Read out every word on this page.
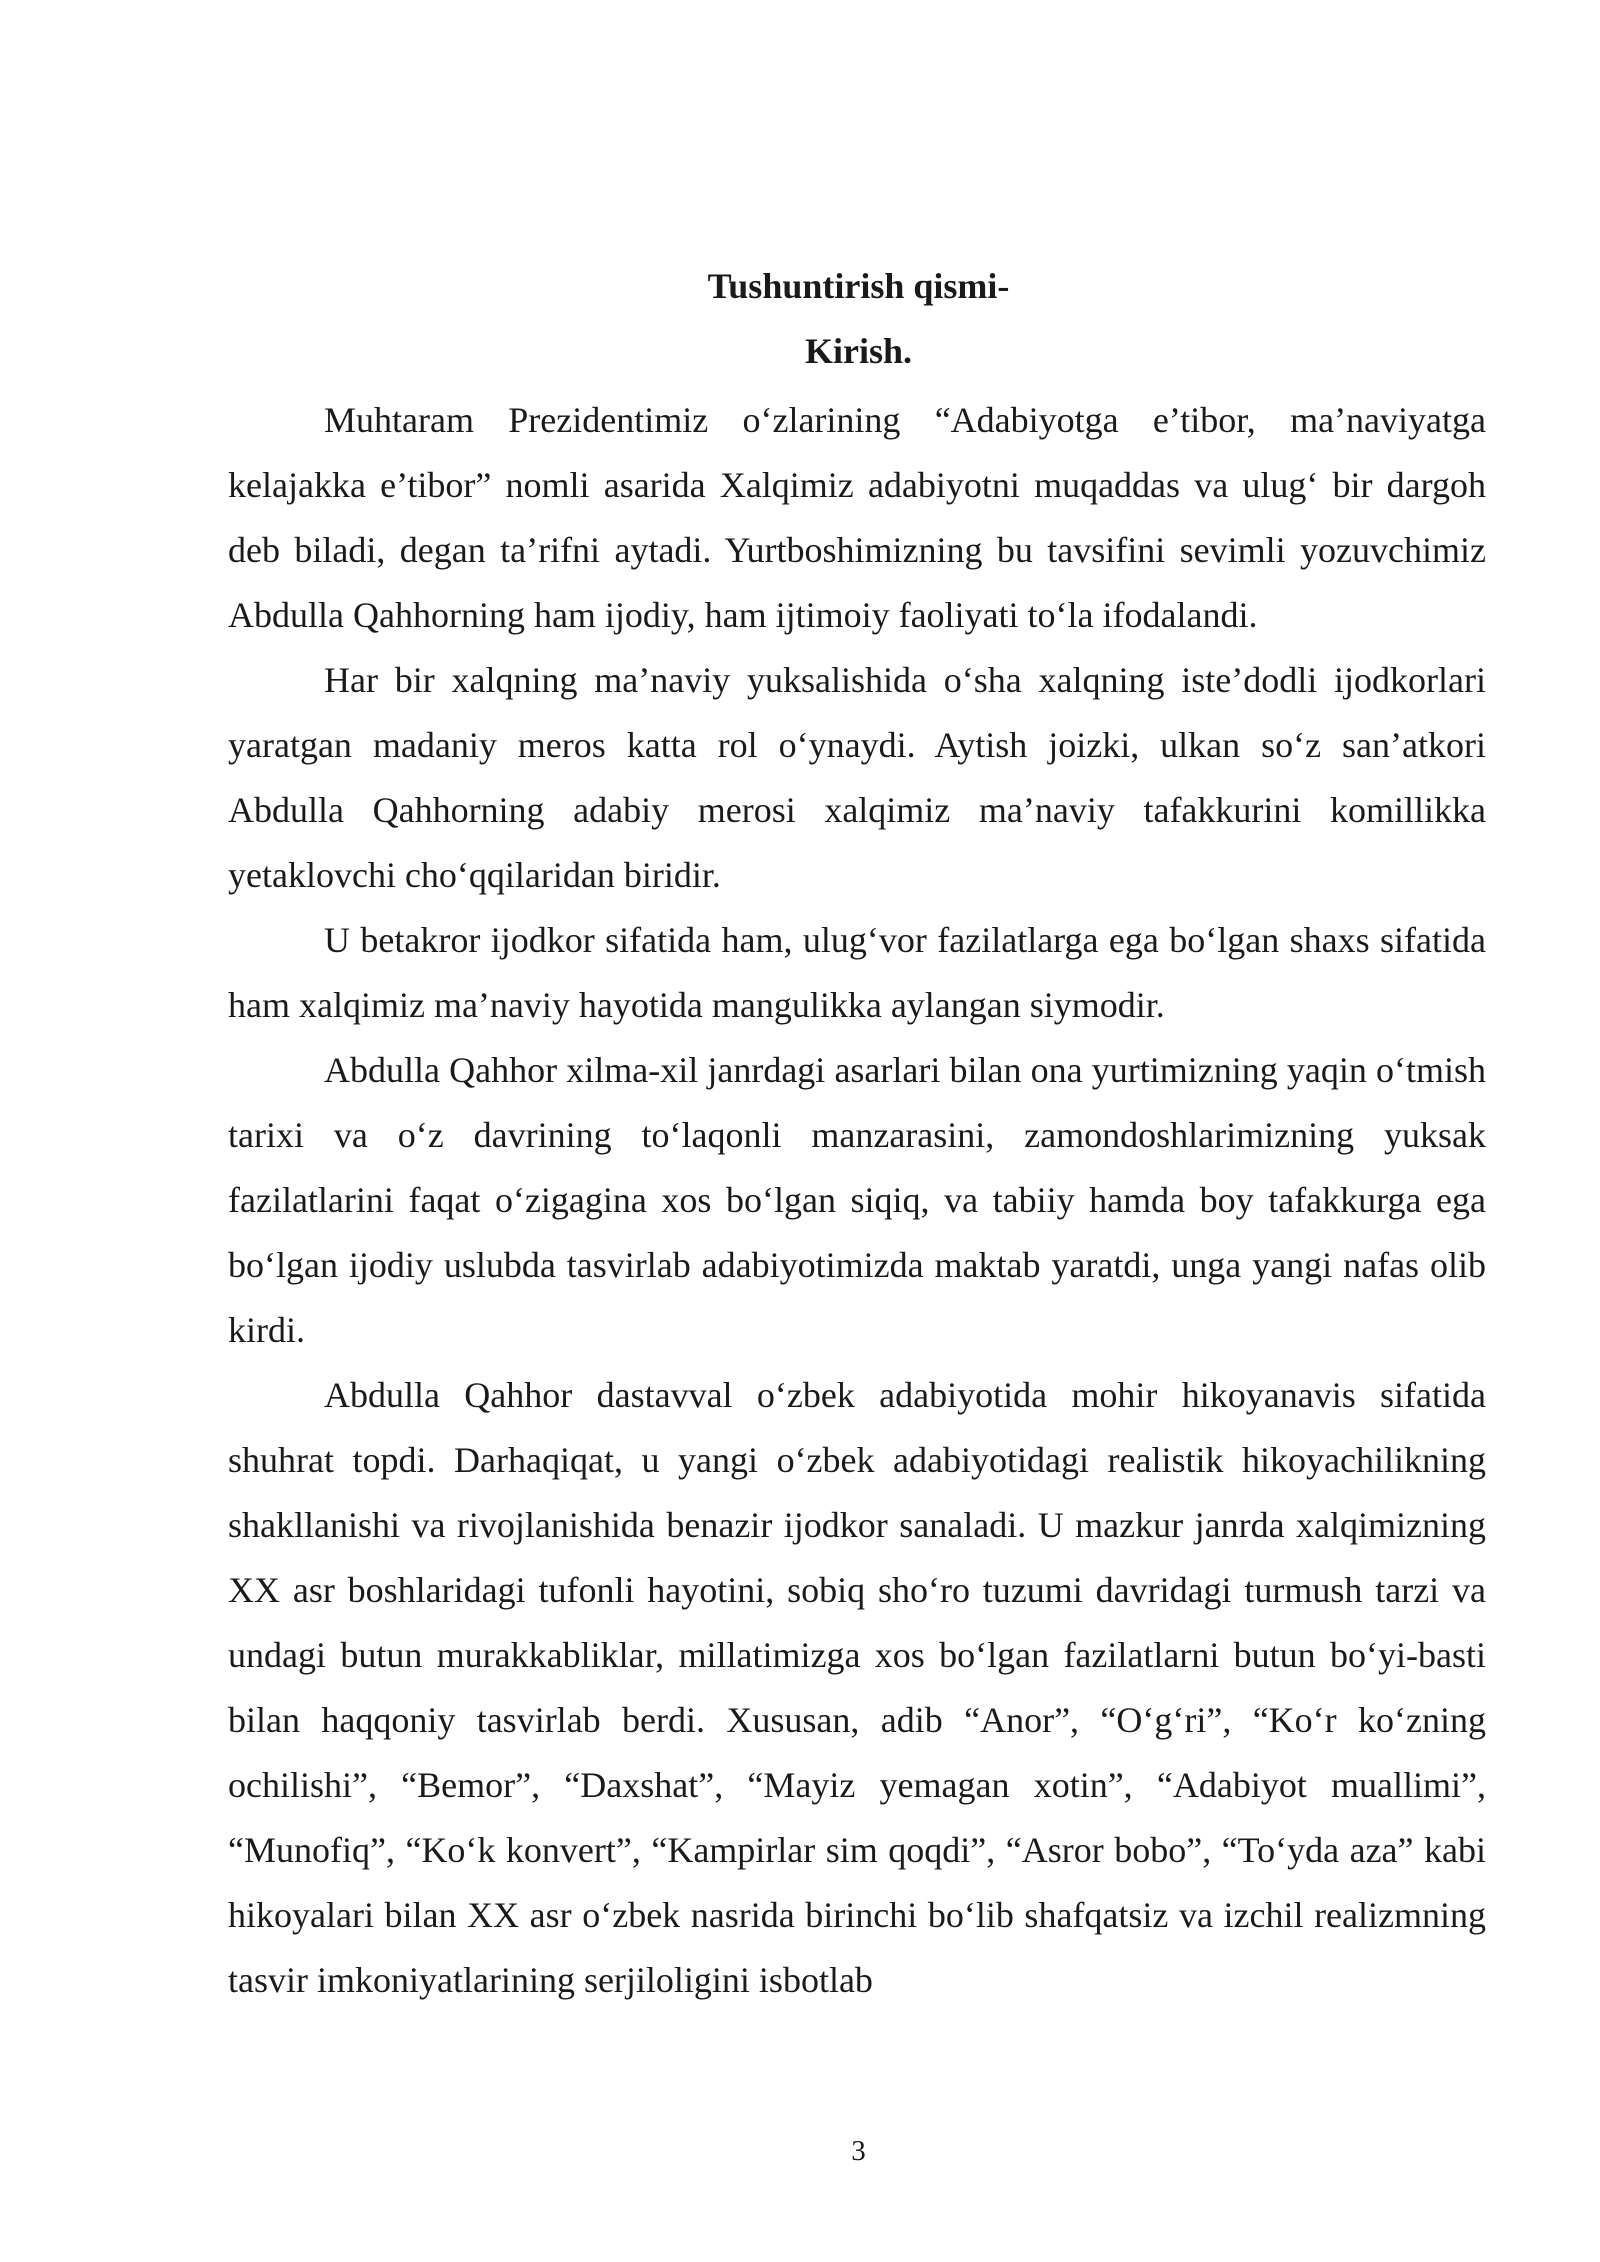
Tushuntirish qismi-
Kirish.

Muhtaram Prezidentimiz o‘zlarining “Adabiyotga e’tibor, ma’naviyatga kelajakka e’tibor” nomli asarida Xalqimiz adabiyotni muqaddas va ulug‘ bir dargoh deb biladi, degan ta’rifni aytadi. Yurtboshimizning bu tavsifini sevimli yozuvchimiz Abdulla Qahhorning ham ijodiy, ham ijtimoiy faoliyati to‘la ifodalandi.

Har bir xalqning ma’naviy yuksalishida o‘sha xalqning iste’dodli ijodkorlari yaratgan madaniy meros katta rol o‘ynaydi. Aytish joizki, ulkan so‘z san’atkori Abdulla Qahhorning adabiy merosi xalqimiz ma’naviy tafakkurini komillikka yetaklovchi cho‘qqilaridan biridir.

U betakror ijodkor sifatida ham, ulug‘vor fazilatlarga ega bo‘lgan shaxs sifatida ham xalqimiz ma’naviy hayotida mangulikka aylangan siymodir.

Abdulla Qahhor xilma-xil janrdagi asarlari bilan ona yurtimizning yaqin o‘tmish tarixi va o‘z davrining to‘laqonli manzarasini, zamondoshlarimizning yuksak fazilatlarini faqat o‘zigagina xos bo‘lgan siqiq, va tabiiy hamda boy tafakkurga ega bo‘lgan ijodiy uslubda tasvirlab adabiyotimizda maktab yaratdi, unga yangi nafas olib kirdi.

Abdulla Qahhor dastavval o‘zbek adabiyotida mohir hikoyanavis sifatida shuhrat topdi. Darhaqiqat, u yangi o‘zbek adabiyotidagi realistik hikoyachilikning shakllanishi va rivojlanishida benazir ijodkor sanaladi. U mazkur janrda xalqimizning XX asr boshlaridagi tufonli hayotini, sobiq sho‘ro tuzumi davridagi turmush tarzi va undagi butun murakkabliklar, millatimizga xos bo‘lgan fazilatlarni butun bo‘yi-basti bilan haqqoniy tasvirlab berdi. Xususan, adib “Anor”, “O‘g‘ri”, “Ko‘r ko‘zning ochilishi”, “Bemor”, “Daxshat”, “Mayiz yemagan xotin”, “Adabiyot muallimi”, “Munofiq”, “Ko‘k konvert”, “Kampirlar sim qoqdi”, “Asror bobo”, “To‘yda aza” kabi hikoyalari bilan XX asr o‘zbek nasrida birinchi bo‘lib shafqatsiz va izchil realizmning tasvir imkoniyatlarining serjiloligini isbotlab

3
